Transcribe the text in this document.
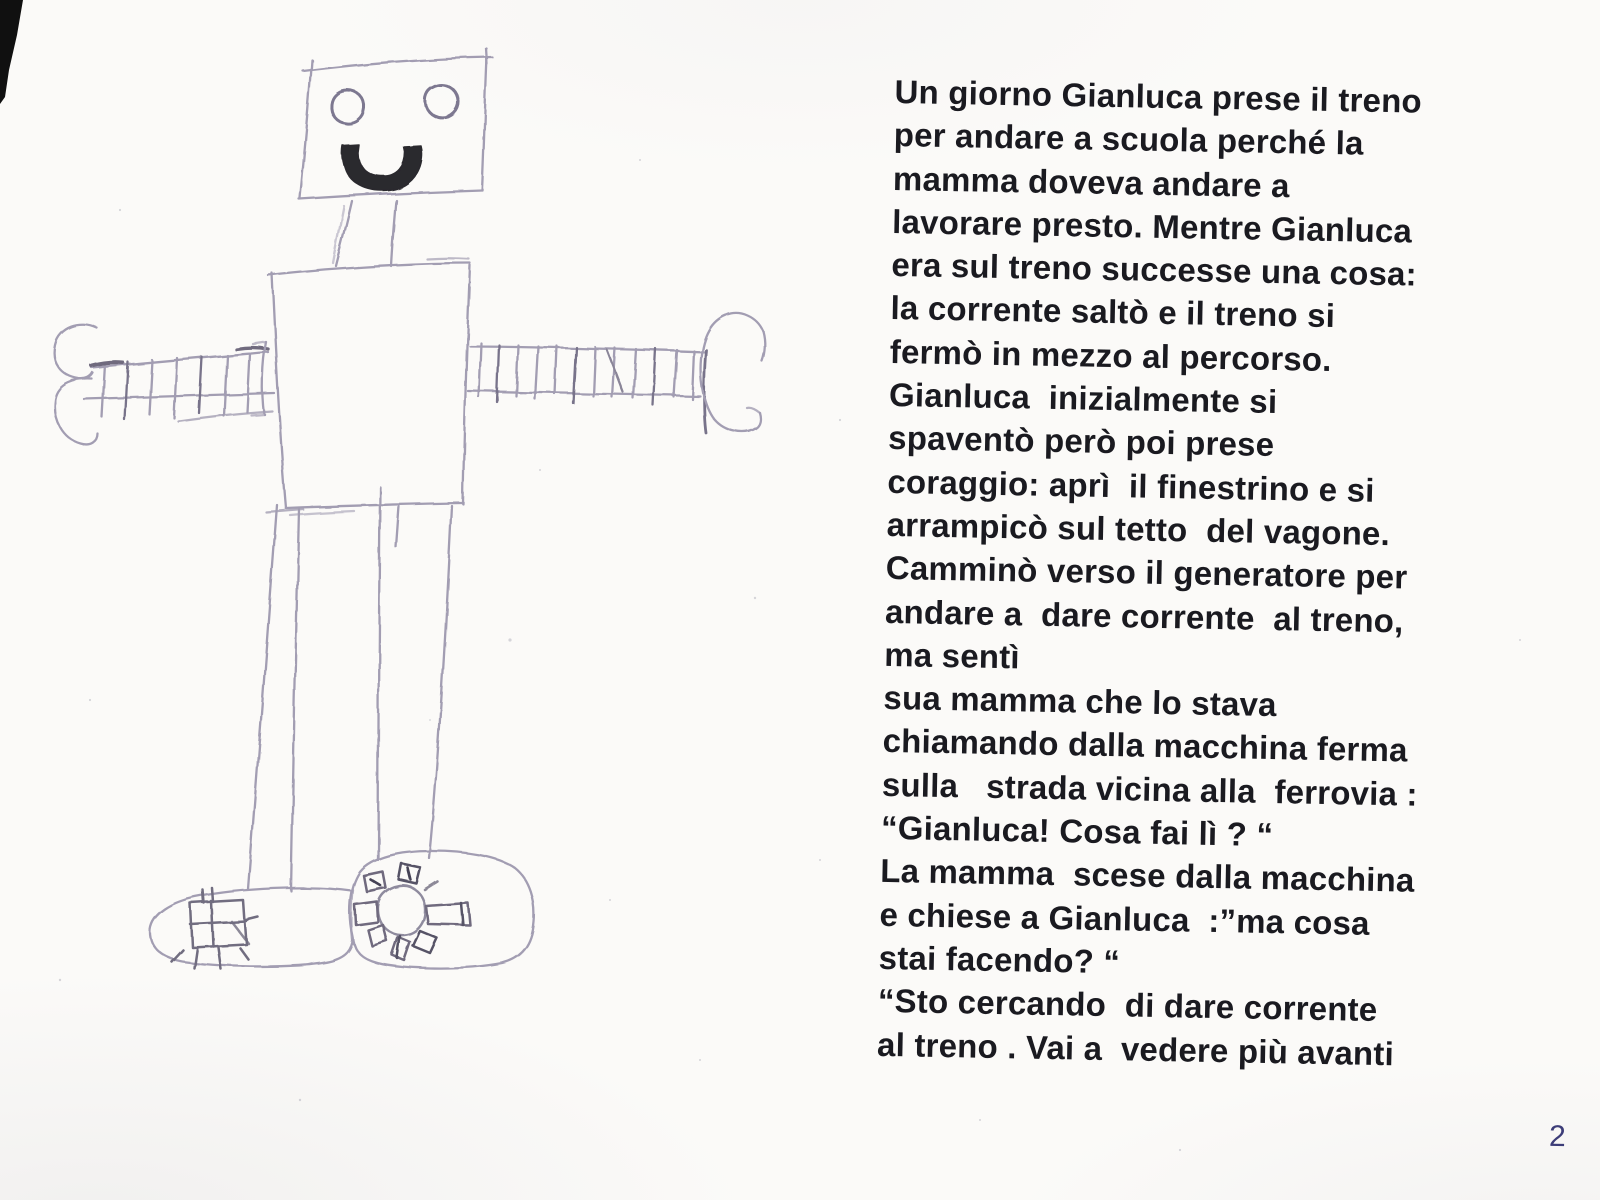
Un giorno Gianluca prese il treno
per andare a scuola perché la
mamma doveva andare a
lavorare presto. Mentre Gianluca
era sul treno successe una cosa:
la corrente saltò e il treno si
fermò in mezzo al percorso.
Gianluca  inizialmente si
spaventò però poi prese
coraggio: aprì  il finestrino e si
arrampicò sul tetto  del vagone.
Camminò verso il generatore per
andare a  dare corrente  al treno,
ma sentì
sua mamma che lo stava
chiamando dalla macchina ferma
sulla   strada vicina alla  ferrovia :
“Gianluca! Cosa fai lì ? “
La mamma  scese dalla macchina
e chiese a Gianluca  :”ma cosa
stai facendo? “
“Sto cercando  di dare corrente
al treno . Vai a  vedere più avanti
2
